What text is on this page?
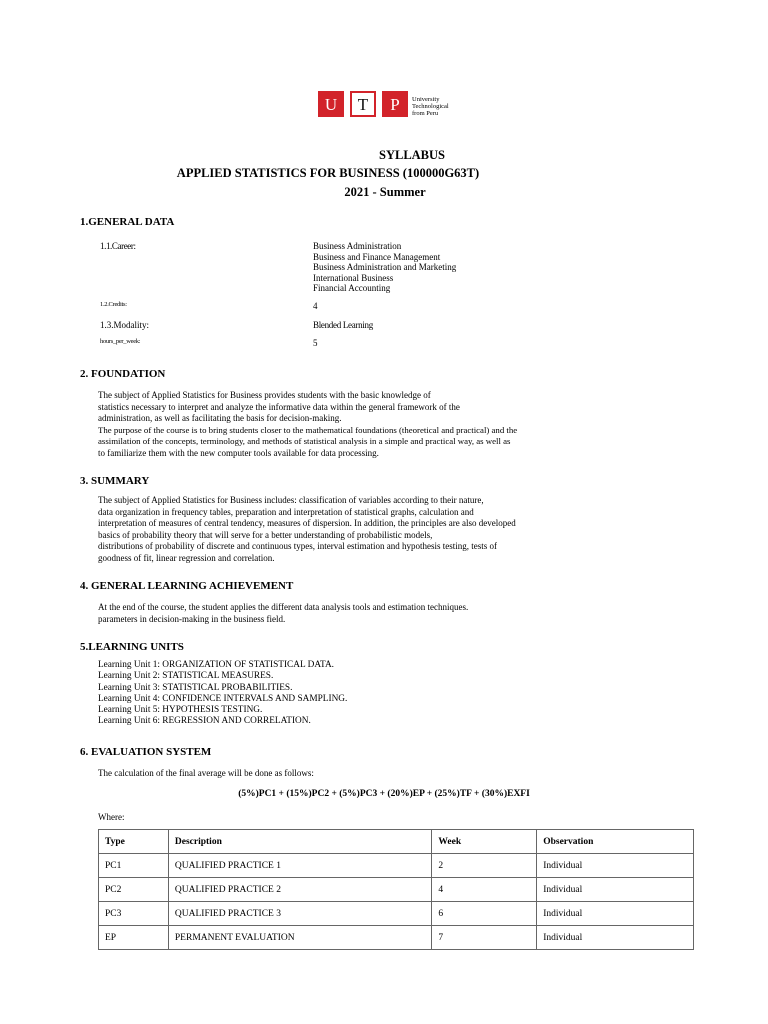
U	T	P	University
Technological
from Peru
SYLLABUS
APPLIED STATISTICS FOR BUSINESS (100000G63T)
2021 - Summer
1.GENERAL DATA
1.1.Career:	Business Administration
Business and Finance Management
Business Administration and Marketing
International Business
Financial Accounting
1.2.Credits:	4
1.3.Modality:	Blended Learning
hours_per_week:	5
2. FOUNDATION
The subject of Applied Statistics for Business provides students with the basic knowledge of
statistics necessary to interpret and analyze the informative data within the general framework of the
administration, as well as facilitating the basis for decision-making.
The purpose of the course is to bring students closer to the mathematical foundations (theoretical and practical) and the
assimilation of the concepts, terminology, and methods of statistical analysis in a simple and practical way, as well as
to familiarize them with the new computer tools available for data processing.
3. SUMMARY
The subject of Applied Statistics for Business includes: classification of variables according to their nature,
data organization in frequency tables, preparation and interpretation of statistical graphs, calculation and
interpretation of measures of central tendency, measures of dispersion. In addition, the principles are also developed
basics of probability theory that will serve for a better understanding of probabilistic models,
distributions of probability of discrete and continuous types, interval estimation and hypothesis testing, tests of
goodness of fit, linear regression and correlation.
4. GENERAL LEARNING ACHIEVEMENT
At the end of the course, the student applies the different data analysis tools and estimation techniques.
parameters in decision-making in the business field.
5.LEARNING UNITS
Learning Unit 1: ORGANIZATION OF STATISTICAL DATA.
Learning Unit 2: STATISTICAL MEASURES.
Learning Unit 3: STATISTICAL PROBABILITIES.
Learning Unit 4: CONFIDENCE INTERVALS AND SAMPLING.
Learning Unit 5: HYPOTHESIS TESTING.
Learning Unit 6: REGRESSION AND CORRELATION.
6. EVALUATION SYSTEM
The calculation of the final average will be done as follows:
(5%)PC1 + (15%)PC2 + (5%)PC3 + (20%)EP + (25%)TF + (30%)EXFI
Where:
Type	Description	Week	Observation
PC1	QUALIFIED PRACTICE 1	2	Individual
PC2	QUALIFIED PRACTICE 2	4	Individual
PC3	QUALIFIED PRACTICE 3	6	Individual
EP	PERMANENT EVALUATION	7	Individual
